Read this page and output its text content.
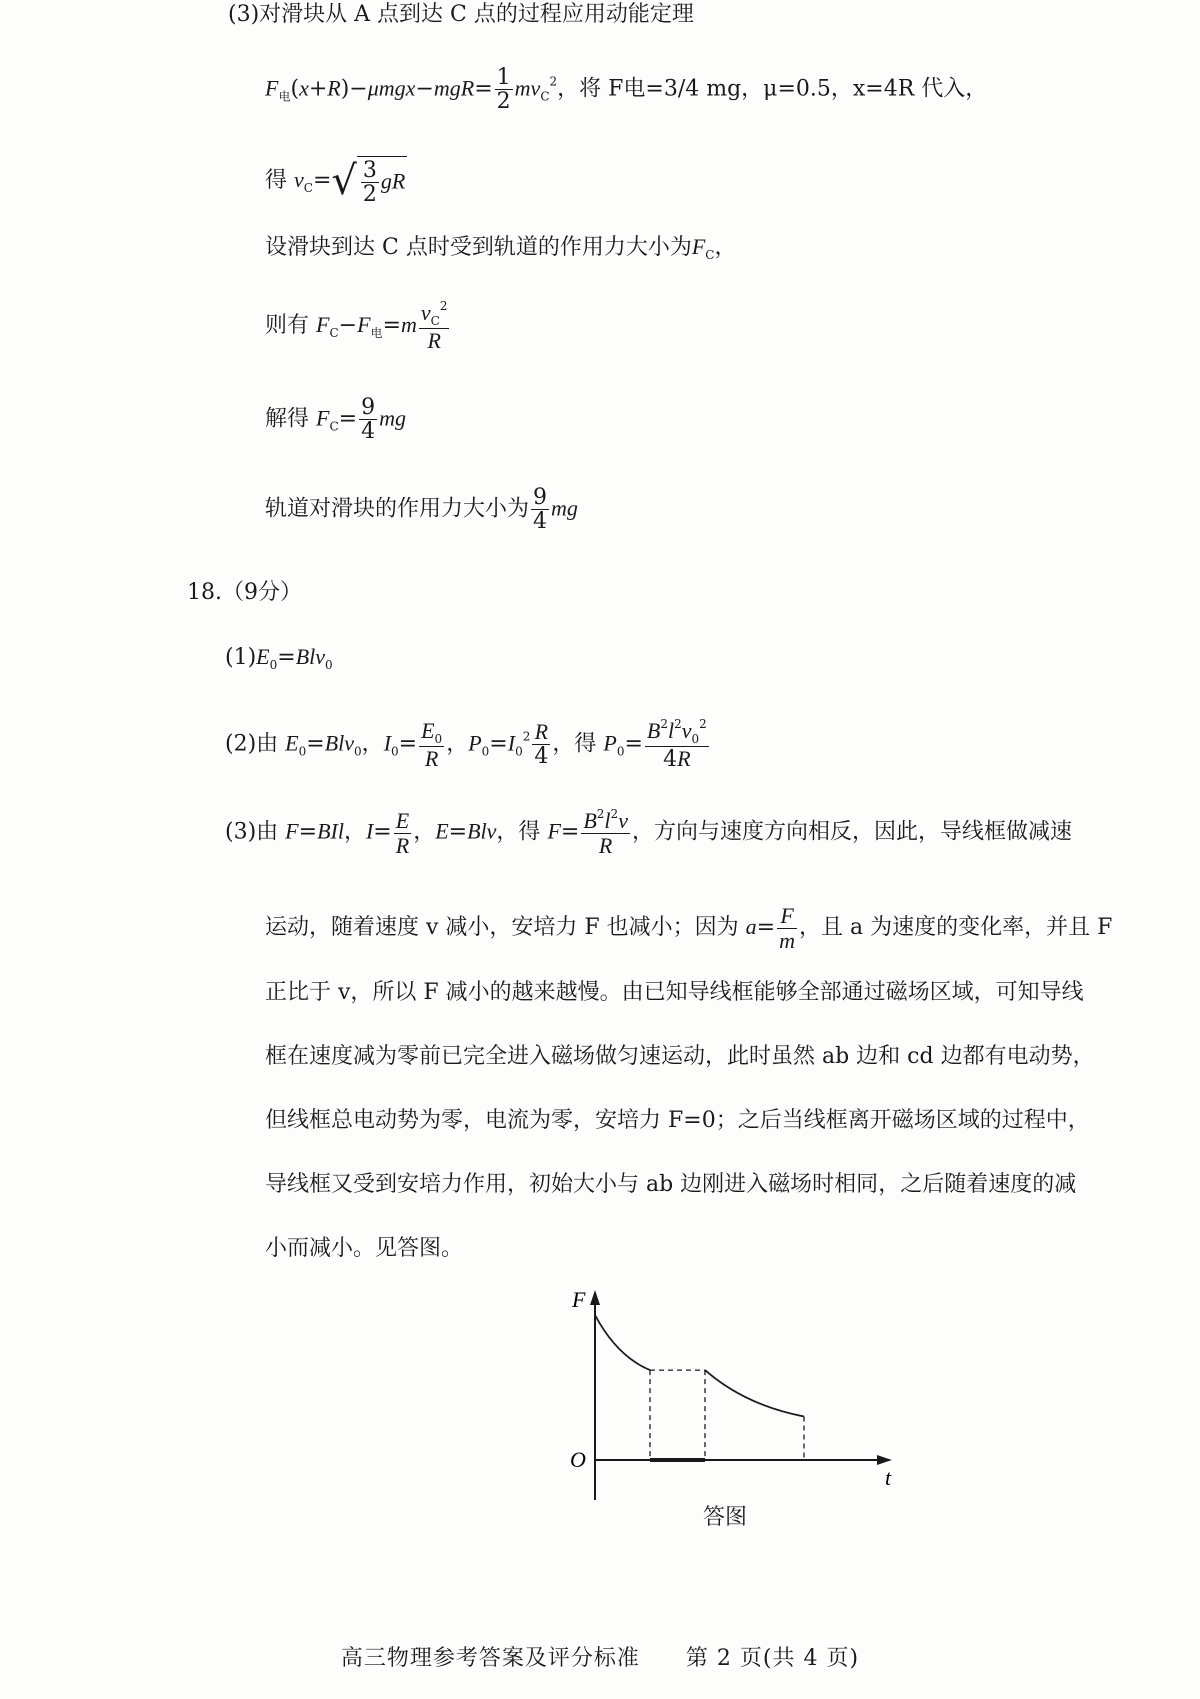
(3)对滑块从 A 点到达 C 点的过程应用动能定理
$F_电(x+R)-\mu mgx-mgR= \frac{1}{2} mv_C^2$，将 F电=3/4 mg，μ=0.5，x=4R 代入，
得 $v_C=√ \frac{3}{2}$ gR
设滑块到达 C 点时受到轨道的作用力大小为$F_C$，
则有 $F_C-F_电=m \frac{v_C^2}{R}$
解得 $F_C= \frac{9}{4}$ mg
轨道对滑块的作用力大小为 $\frac{9}{4}$ mg
18.（9分）
$(1)E_0=Blv_0$
(2)由 $E_0=Blv_0$，$I_0= \frac{E_0}{R}$ ，$P_0=I_0^2 \frac{R}{4}$ ，得 $P_0= \frac{B^2l^2v_0^2}{4R}$
(3)由 F=BIl，$I= \frac{E}{R}$ ，E=Blv，得 $F= \frac{B^2l^2v}{R}$ ，方向与速度方向相反，因此，导线框做减速
运动，随着速度 v 减小，安培力 F 也减小；因为 $a= \frac{F}{m}$ ，且 a 为速度的变化率，并且 F
正比于 v，所以 F 减小的越来越慢。由已知导线框能够全部通过磁场区域，可知导线
框在速度减为零前已完全进入磁场做匀速运动，此时虽然 ab 边和 cd 边都有电动势，
但线框总电动势为零，电流为零，安培力 F=0；之后当线框离开磁场区域的过程中，
导线框又受到安培力作用，初始大小与 ab 边刚进入磁场时相同，之后随着速度的减
小而减小。见答图。
F
t
O
答图
高三物理参考答案及评分标准　　第 2 页(共 4 页)
